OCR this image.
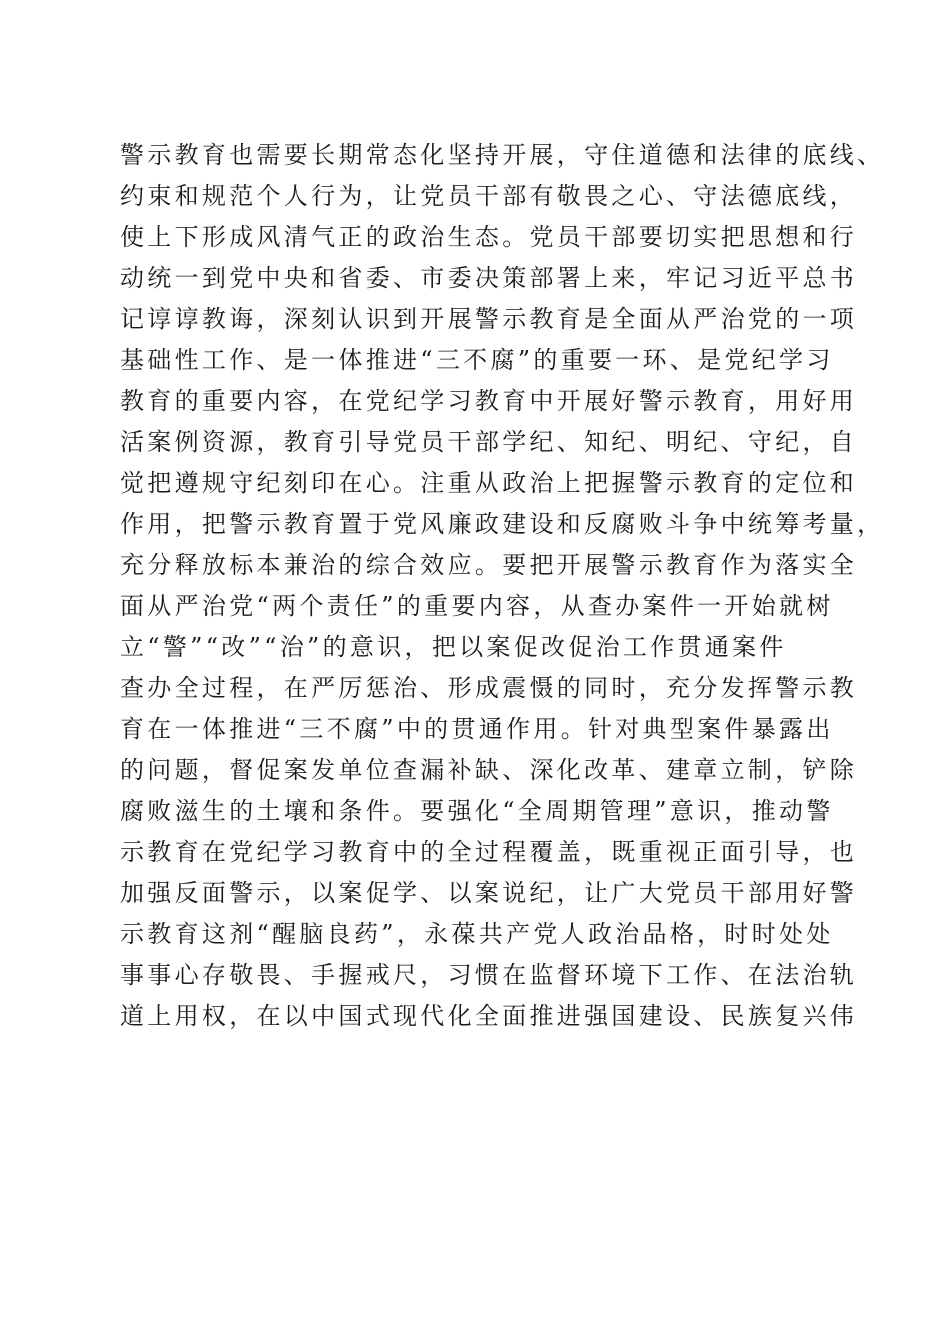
警示教育也需要长期常态化坚持开展，守住道德和法律的底线、
约束和规范个人行为，让党员干部有敬畏之心、守法德底线，
使上下形成风清气正的政治生态。党员干部要切实把思想和行
动统一到党中央和省委、市委决策部署上来，牢记习近平总书
记谆谆教诲，深刻认识到开展警示教育是全面从严治党的一项
基础性工作、是一体推进“三不腐”的重要一环、是党纪学习
教育的重要内容，在党纪学习教育中开展好警示教育，用好用
活案例资源，教育引导党员干部学纪、知纪、明纪、守纪，自
觉把遵规守纪刻印在心。注重从政治上把握警示教育的定位和
作用，把警示教育置于党风廉政建设和反腐败斗争中统筹考量，
充分释放标本兼治的综合效应。要把开展警示教育作为落实全
面从严治党“两个责任”的重要内容，从查办案件一开始就树
立“警”“改”“治”的意识，把以案促改促治工作贯通案件
查办全过程，在严厉惩治、形成震慑的同时，充分发挥警示教
育在一体推进“三不腐”中的贯通作用。针对典型案件暴露出
的问题，督促案发单位查漏补缺、深化改革、建章立制，铲除
腐败滋生的土壤和条件。要强化“全周期管理”意识，推动警
示教育在党纪学习教育中的全过程覆盖，既重视正面引导，也
加强反面警示，以案促学、以案说纪，让广大党员干部用好警
示教育这剂“醒脑良药”，永葆共产党人政治品格，时时处处
事事心存敬畏、手握戒尺，习惯在监督环境下工作、在法治轨
道上用权，在以中国式现代化全面推进强国建设、民族复兴伟
